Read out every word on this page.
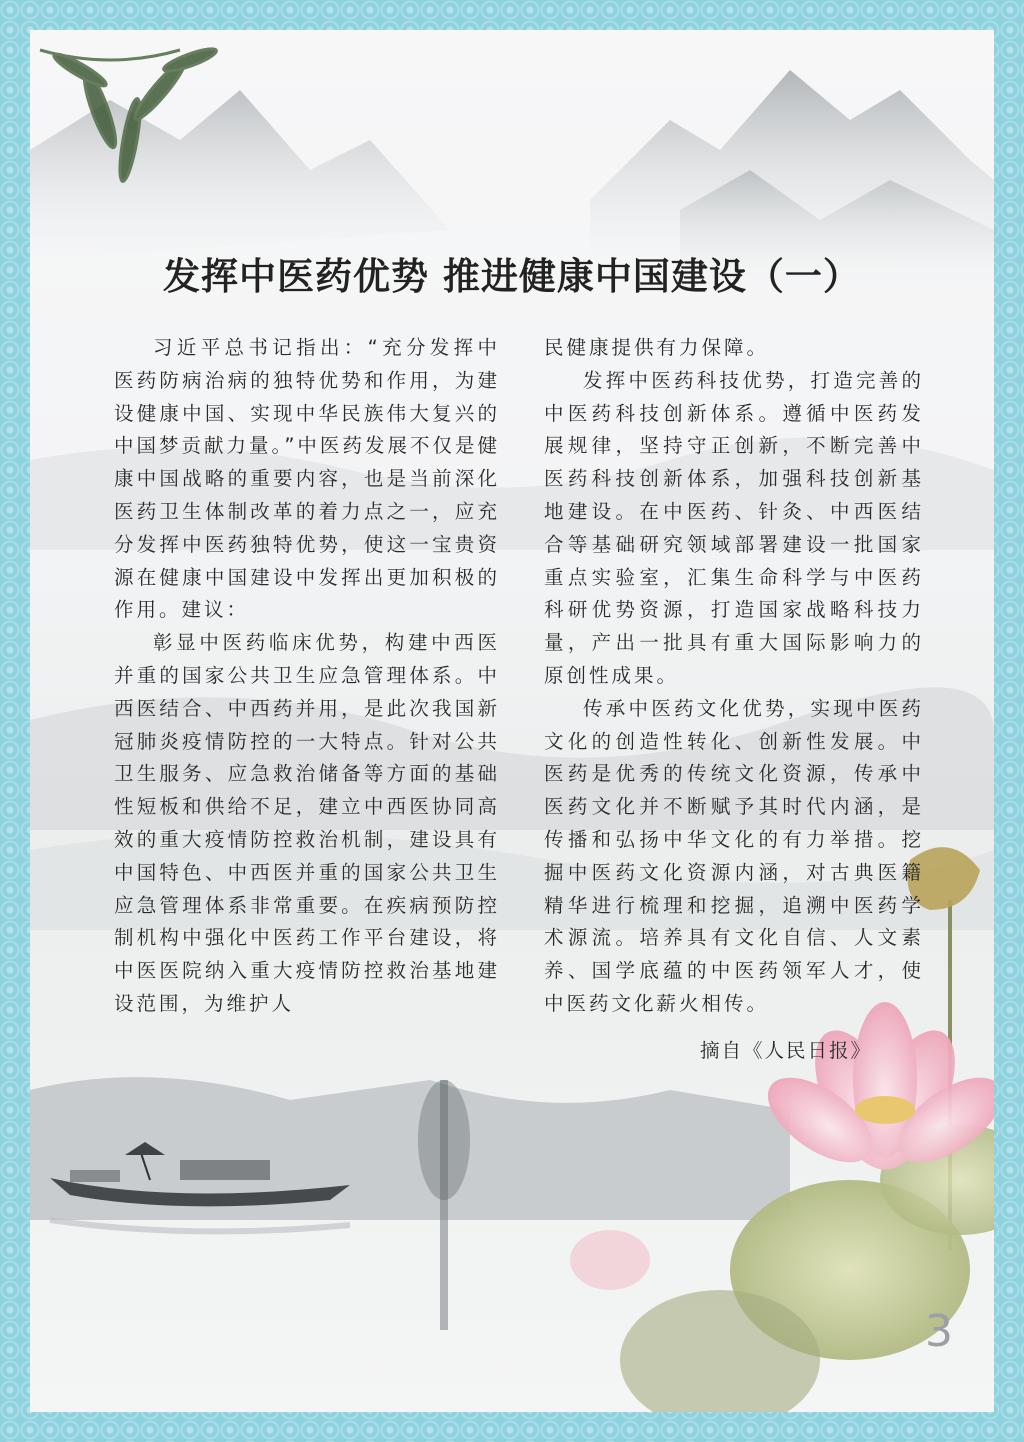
发挥中医药优势 推进健康中国建设（一）

习近平总书记指出：“充分发挥中医药防病治病的独特优势和作用，为建设健康中国、实现中华民族伟大复兴的中国梦贡献力量。”中医药发展不仅是健康中国战略的重要内容，也是当前深化医药卫生体制改革的着力点之一，应充分发挥中医药独特优势，使这一宝贵资源在健康中国建设中发挥出更加积极的作用。建议：

彰显中医药临床优势，构建中西医并重的国家公共卫生应急管理体系。中西医结合、中西药并用，是此次我国新冠肺炎疫情防控的一大特点。针对公共卫生服务、应急救治储备等方面的基础性短板和供给不足，建立中西医协同高效的重大疫情防控救治机制，建设具有中国特色、中西医并重的国家公共卫生应急管理体系非常重要。在疾病预防控制机构中强化中医药工作平台建设，将中医医院纳入重大疫情防控救治基地建设范围，为维护人

民健康提供有力保障。

发挥中医药科技优势，打造完善的中医药科技创新体系。遵循中医药发展规律，坚持守正创新，不断完善中医药科技创新体系，加强科技创新基地建设。在中医药、针灸、中西医结合等基础研究领域部署建设一批国家重点实验室，汇集生命科学与中医药科研优势资源，打造国家战略科技力量，产出一批具有重大国际影响力的原创性成果。

传承中医药文化优势，实现中医药文化的创造性转化、创新性发展。中医药是优秀的传统文化资源，传承中医药文化并不断赋予其时代内涵，是传播和弘扬中华文化的有力举措。挖掘中医药文化资源内涵，对古典医籍精华进行梳理和挖掘，追溯中医药学术源流。培养具有文化自信、人文素养、国学底蕴的中医药领军人才，使中医药文化薪火相传。

摘自《人民日报》
3
